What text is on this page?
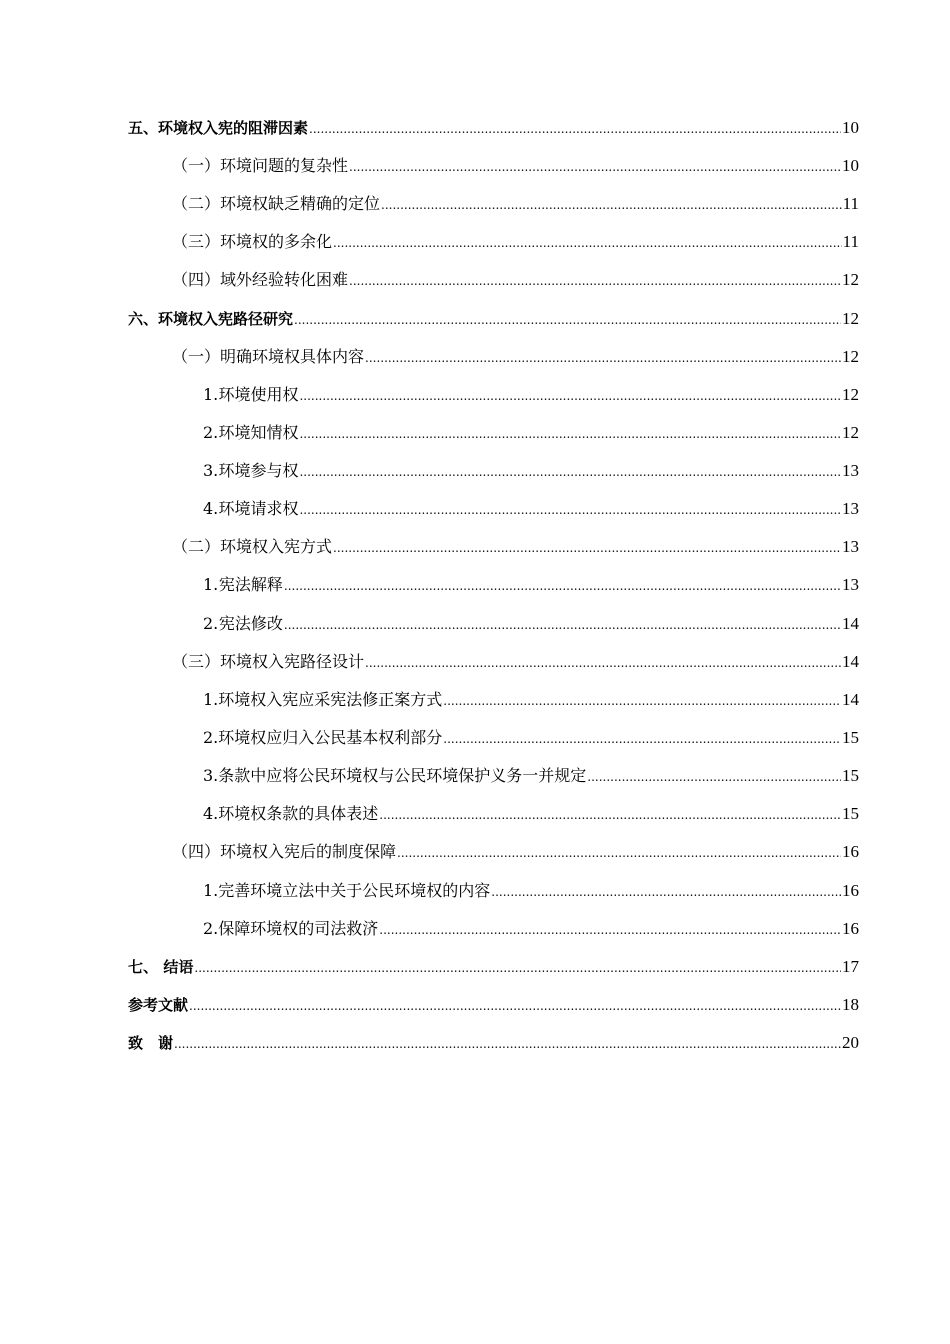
五、 环境权入宪的阻滞因素 .....	10
（一） 环境问题的复杂性 .....	10
（二） 环境权缺乏精确的定位 .....	11
（三） 环境权的多余化 .....	11
（四） 域外经验转化困难 .....	12
六、 环境权入宪路径研究 .....	12
（一） 明确环境权具体内容 .....	12
1. 环境使用权 .....	12
2. 环境知情权 .....	12
3. 环境参与权 .....	13
4. 环境请求权 .....	13
（二） 环境权入宪方式 .....	13
1. 宪法解释 .....	13
2. 宪法修改 .....	14
（三） 环境权入宪路径设计 .....	14
1. 环境权入宪应采宪法修正案方式 .....	14
2. 环境权应归入公民基本权利部分 .....	15
3. 条款中应将公民环境权与公民环境保护义务一并规定 .....	15
4. 环境权条款的具体表述 .....	15
（四） 环境权入宪后的制度保障 .....	16
1. 完善环境立法中关于公民环境权的内容 .....	16
2. 保障环境权的司法救济 .....	16
七、 结语 .....	17
参考文献 .....	18
致　谢 .....	20
